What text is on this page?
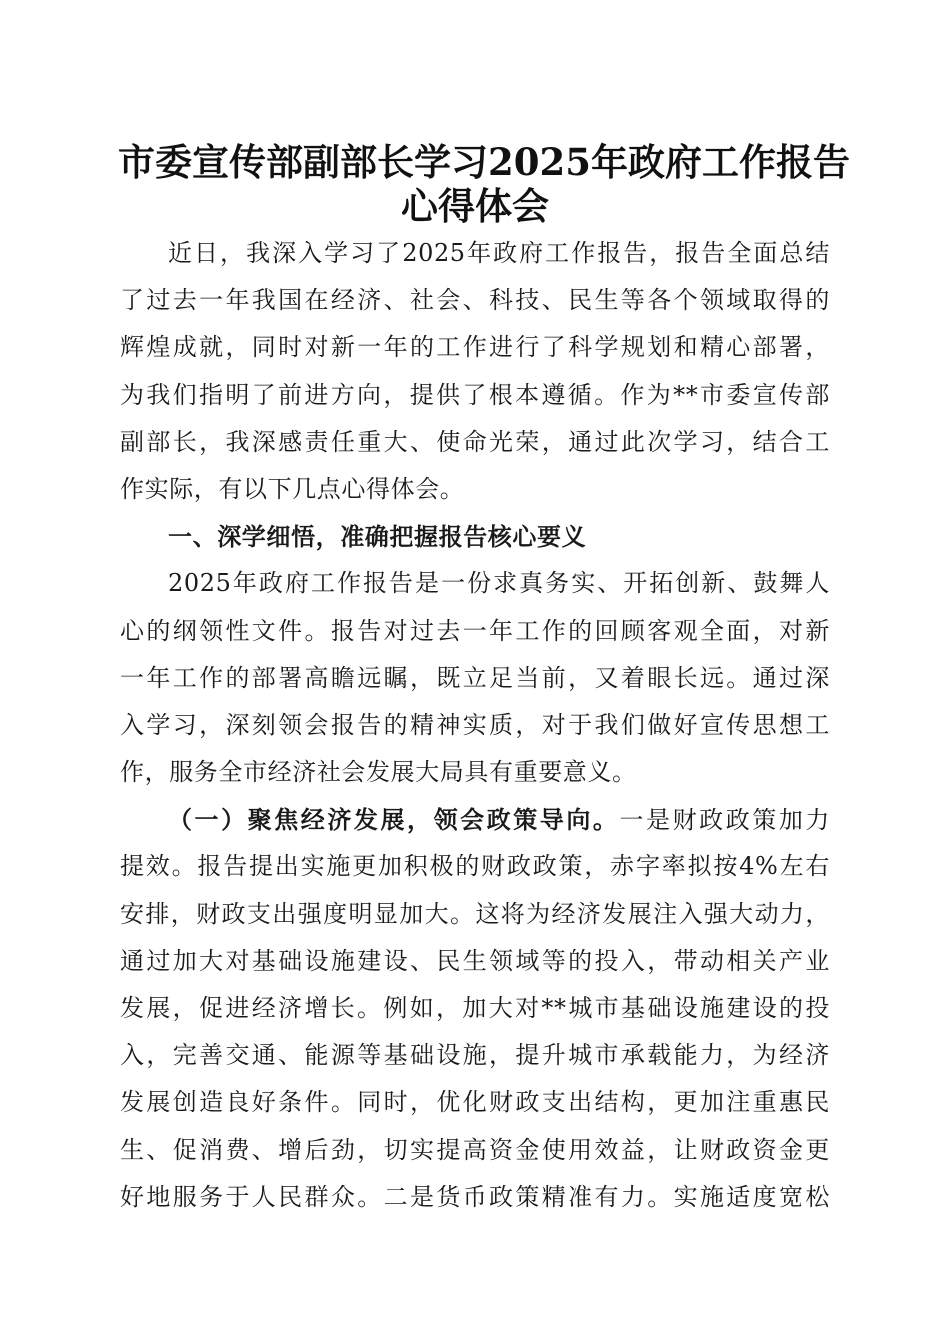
市委宣传部副部长学习2025年政府工作报告
心得体会
近日，我深入学习了2025年政府工作报告，报告全面总结
了过去一年我国在经济、社会、科技、民生等各个领域取得的
辉煌成就，同时对新一年的工作进行了科学规划和精心部署，
为我们指明了前进方向，提供了根本遵循。作为**市委宣传部
副部长，我深感责任重大、使命光荣，通过此次学习，结合工
作实际，有以下几点心得体会。
一、深学细悟，准确把握报告核心要义
2025年政府工作报告是一份求真务实、开拓创新、鼓舞人
心的纲领性文件。报告对过去一年工作的回顾客观全面，对新
一年工作的部署高瞻远瞩，既立足当前，又着眼长远。通过深
入学习，深刻领会报告的精神实质，对于我们做好宣传思想工
作，服务全市经济社会发展大局具有重要意义。
（一）聚焦经济发展，领会政策导向。一是财政政策加力
提效。报告提出实施更加积极的财政政策，赤字率拟按4%左右
安排，财政支出强度明显加大。这将为经济发展注入强大动力，
通过加大对基础设施建设、民生领域等的投入，带动相关产业
发展，促进经济增长。例如，加大对**城市基础设施建设的投
入，完善交通、能源等基础设施，提升城市承载能力，为经济
发展创造良好条件。同时，优化财政支出结构，更加注重惠民
生、促消费、增后劲，切实提高资金使用效益，让财政资金更
好地服务于人民群众。二是货币政策精准有力。实施适度宽松
